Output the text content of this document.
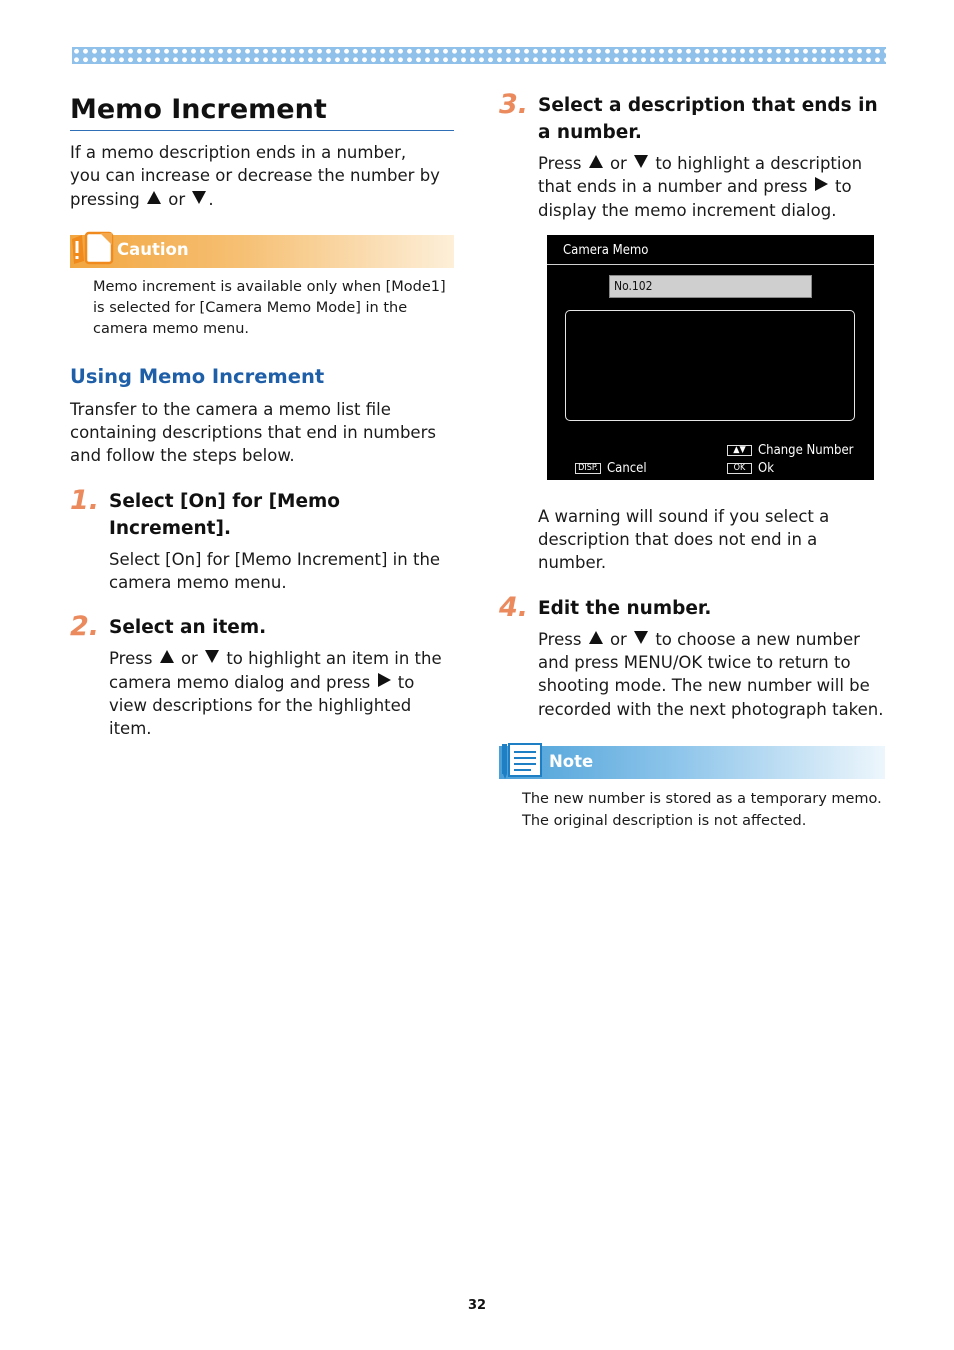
Memo Increment

If a memo description ends in a number,
you can increase or decrease the number by
pressing or .

Caution

Memo increment is available only when [Mode1] is selected for [Camera Memo Mode] in the camera memo menu.

Using Memo Increment

Transfer to the camera a memo list file containing descriptions that end in numbers and follow the steps below.

1. Select [On] for [Memo Increment].

Select [On] for [Memo Increment] in the camera memo menu.

2. Select an item.

Press or to highlight an item in the camera memo dialog and press to view descriptions for the highlighted item.

3. Select a description that ends in a number.

Press or to highlight a description that ends in a number and press to display the memo increment dialog.

Camera Memo
No.102
▲▼ Change Number
OK Ok
DISP. Cancel

A warning will sound if you select a description that does not end in a number.

4. Edit the number.

Press or to choose a new number and press MENU/OK twice to return to shooting mode. The new number will be recorded with the next photograph taken.

Note

The new number is stored as a temporary memo. The original description is not affected.

32
